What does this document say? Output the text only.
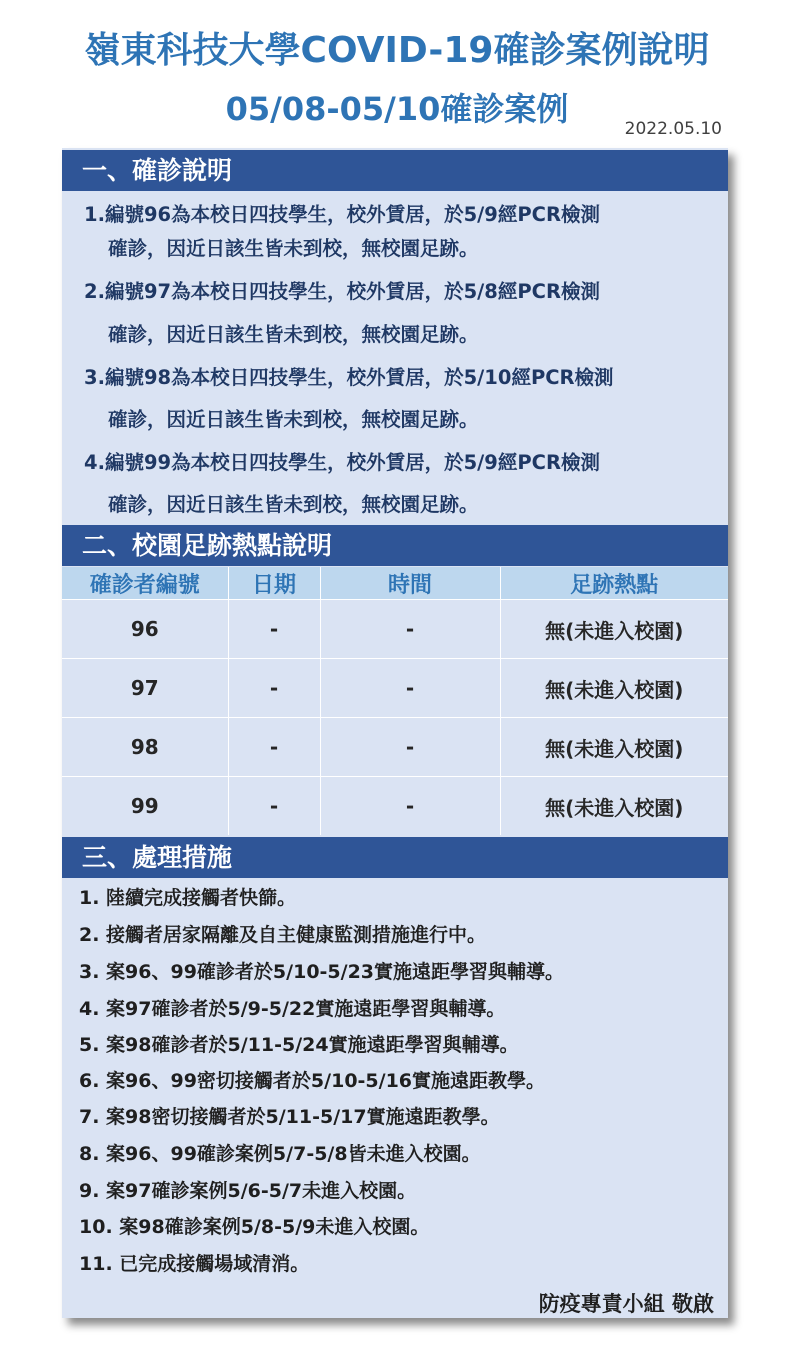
嶺東科技大學COVID-19確診案例說明
05/08-05/10確診案例
2022.05.10
一、確診說明
1.編號96為本校日四技學生，校外賃居，於5/9經PCR檢測
確診，因近日該生皆未到校，無校園足跡。
2.編號97為本校日四技學生，校外賃居，於5/8經PCR檢測
確診，因近日該生皆未到校，無校園足跡。
3.編號98為本校日四技學生，校外賃居，於5/10經PCR檢測
確診，因近日該生皆未到校，無校園足跡。
4.編號99為本校日四技學生，校外賃居，於5/9經PCR檢測
確診，因近日該生皆未到校，無校園足跡。
二、校園足跡熱點說明
確診者編號	日期	時間	足跡熱點
96	-	-	無(未進入校園)
97	-	-	無(未進入校園)
98	-	-	無(未進入校園)
99	-	-	無(未進入校園)
三、處理措施
1. 陸續完成接觸者快篩。
2. 接觸者居家隔離及自主健康監測措施進行中。
3. 案96、99確診者於5/10-5/23實施遠距學習與輔導。
4. 案97確診者於5/9-5/22實施遠距學習與輔導。
5. 案98確診者於5/11-5/24實施遠距學習與輔導。
6. 案96、99密切接觸者於5/10-5/16實施遠距教學。
7. 案98密切接觸者於5/11-5/17實施遠距教學。
8. 案96、99確診案例5/7-5/8皆未進入校園。
9. 案97確診案例5/6-5/7未進入校園。
10. 案98確診案例5/8-5/9未進入校園。
11. 已完成接觸場域清消。
防疫專責小組 敬啟
